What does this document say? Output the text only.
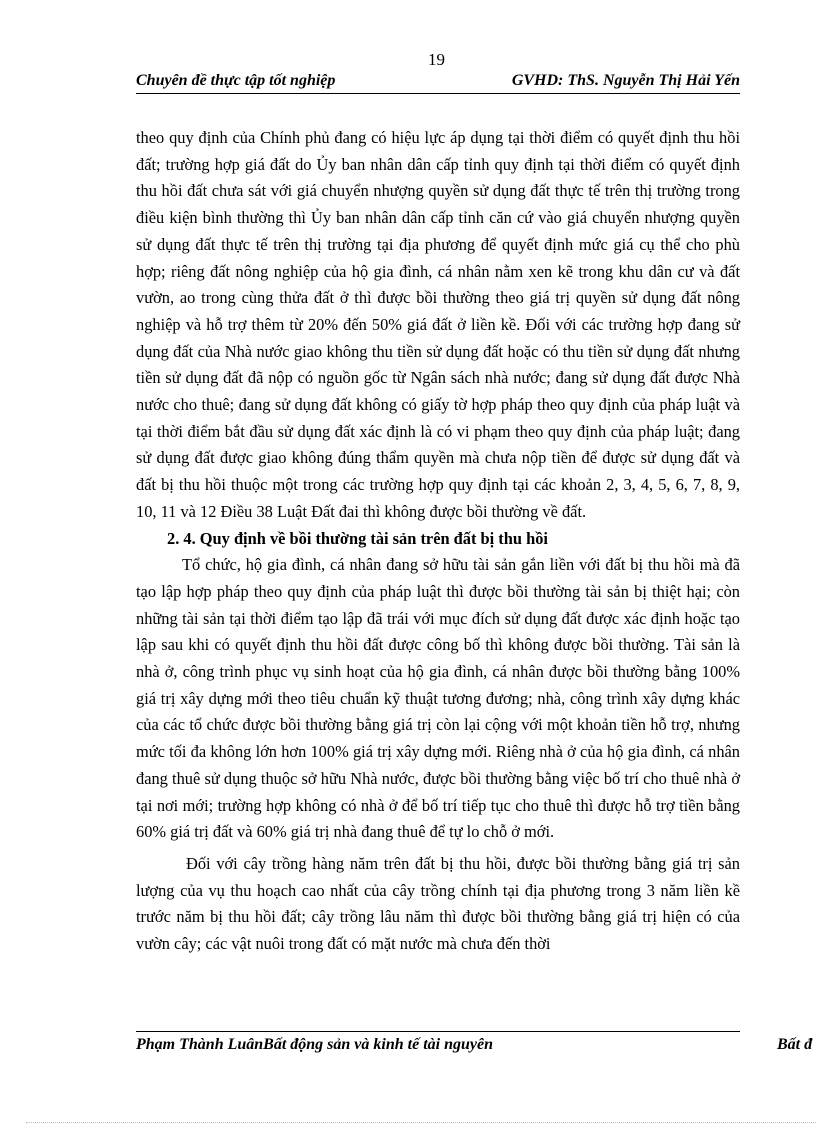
19
Chuyên đề thực tập tốt nghiệp	GVHD: ThS. Nguyễn Thị Hải Yến

theo quy định của Chính phủ đang có hiệu lực áp dụng tại thời điểm có quyết định thu hồi đất; trường hợp giá đất do Ủy ban nhân dân cấp tỉnh quy định tại thời điểm có quyết định thu hồi đất chưa sát với giá chuyển nhượng quyền sử dụng đất thực tế trên thị trường trong điều kiện bình thường thì Ủy ban nhân dân cấp tỉnh căn cứ vào giá chuyển nhượng quyền sử dụng đất thực tế trên thị trường tại địa phương để quyết định mức giá cụ thể cho phù hợp; riêng đất nông nghiệp của hộ gia đình, cá nhân nằm xen kẽ trong khu dân cư và đất vườn, ao trong cùng thửa đất ở thì được bồi thường theo giá trị quyền sử dụng đất nông nghiệp và hỗ trợ thêm từ 20% đến 50% giá đất ở liền kề. Đối với các trường hợp đang sử dụng đất của Nhà nước giao không thu tiền sử dụng đất hoặc có thu tiền sử dụng đất nhưng tiền sử dụng đất đã nộp có nguồn gốc từ Ngân sách nhà nước; đang sử dụng đất được Nhà nước cho thuê; đang sử dụng đất không có giấy tờ hợp pháp theo quy định của pháp luật và tại thời điểm bắt đầu sử dụng đất xác định là có vi phạm theo quy định của pháp luật; đang sử dụng đất được giao không đúng thẩm quyền mà chưa nộp tiền để được sử dụng đất và đất bị thu hồi thuộc một trong các trường hợp quy định tại các khoản 2, 3, 4, 5, 6, 7, 8, 9, 10, 11 và 12 Điều 38 Luật Đất đai thì không được bồi thường về đất.

2. 4. Quy định về bồi thường tài sản trên đất bị thu hồi

Tổ chức, hộ gia đình, cá nhân đang sở hữu tài sản gắn liền với đất bị thu hồi mà đã tạo lập hợp pháp theo quy định của pháp luật thì được bồi thường tài sản bị thiệt hại; còn những tài sản tại thời điểm tạo lập đã trái với mục đích sử dụng đất được xác định hoặc tạo lập sau khi có quyết định thu hồi đất được công bố thì không được bồi thường. Tài sản là nhà ở, công trình phục vụ sinh hoạt của hộ gia đình, cá nhân được bồi thường bằng 100% giá trị xây dựng mới theo tiêu chuẩn kỹ thuật tương đương; nhà, công trình xây dựng khác của các tổ chức được bồi thường bằng giá trị còn lại cộng với một khoản tiền hỗ trợ, nhưng mức tối đa không lớn hơn 100% giá trị xây dựng mới. Riêng nhà ở của hộ gia đình, cá nhân đang thuê sử dụng thuộc sở hữu Nhà nước, được bồi thường bằng việc bố trí cho thuê nhà ở tại nơi mới; trường hợp không có nhà ở để bố trí tiếp tục cho thuê thì được hỗ trợ tiền bằng 60% giá trị đất và 60% giá trị nhà đang thuê để tự lo chỗ ở mới.

Đối với cây trồng hàng năm trên đất bị thu hồi, được bồi thường bằng giá trị sản lượng của vụ thu hoạch cao nhất của cây trồng chính tại địa phương trong 3 năm liền kề trước năm bị thu hồi đất; cây trồng lâu năm thì được bồi thường bằng giá trị hiện có của vườn cây; các vật nuôi trong đất có mặt nước mà chưa đến thời

Phạm Thành LuânBất động sản và kinh tế tài nguyên	Bất đ
